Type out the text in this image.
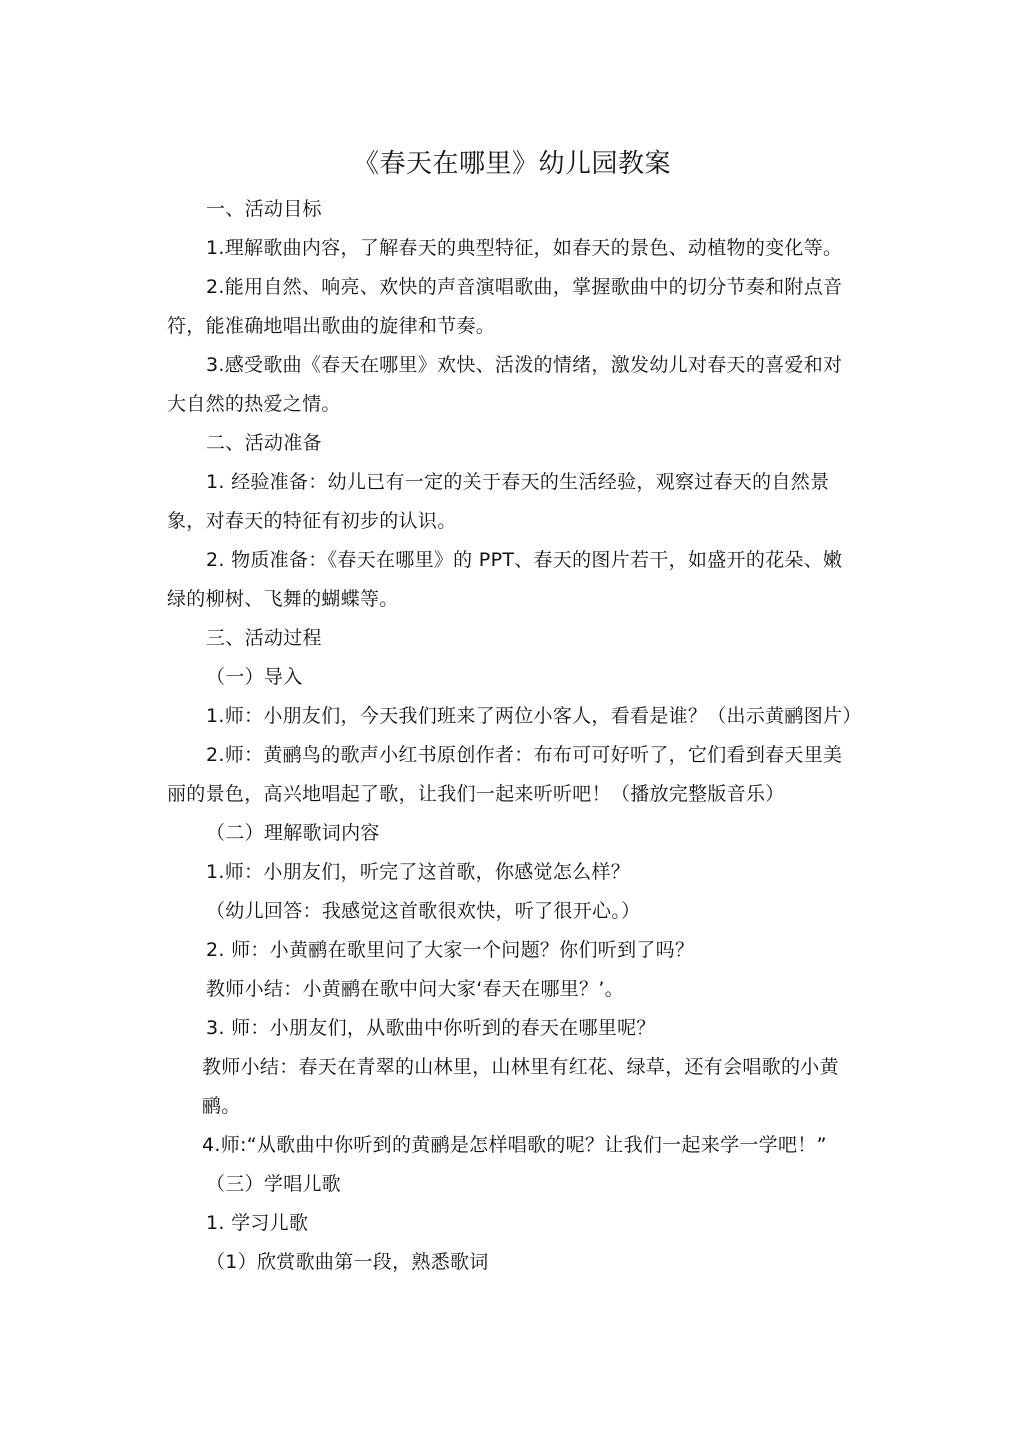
《春天在哪里》幼儿园教案
一、活动目标
1.理解歌曲内容，了解春天的典型特征，如春天的景色、动植物的变化等。
2.能用自然、响亮、欢快的声音演唱歌曲，掌握歌曲中的切分节奏和附点音
符，能准确地唱出歌曲的旋律和节奏。
3.感受歌曲《春天在哪里》欢快、活泼的情绪，激发幼儿对春天的喜爱和对
大自然的热爱之情。
二、活动准备
1. 经验准备：幼儿已有一定的关于春天的生活经验，观察过春天的自然景
象，对春天的特征有初步的认识。
2. 物质准备：《春天在哪里》的 PPT、春天的图片若干，如盛开的花朵、嫩
绿的柳树、飞舞的蝴蝶等。
三、活动过程
（一）导入
1.师：小朋友们，今天我们班来了两位小客人，看看是谁？（出示黄鹂图片）
2.师：黄鹂鸟的歌声小红书原创作者：布布可可好听了，它们看到春天里美
丽的景色，高兴地唱起了歌，让我们一起来听听吧！（播放完整版音乐）
（二）理解歌词内容
1.师：小朋友们，听完了这首歌，你感觉怎么样？
（幼儿回答：我感觉这首歌很欢快，听了很开心。）
2. 师：小黄鹂在歌里问了大家一个问题？你们听到了吗？
教师小结：小黄鹂在歌中问大家‘春天在哪里？’。
3. 师：小朋友们，从歌曲中你听到的春天在哪里呢？
教师小结：春天在青翠的山林里，山林里有红花、绿草，还有会唱歌的小黄
鹂。
4.师:“从歌曲中你听到的黄鹂是怎样唱歌的呢？让我们一起来学一学吧！”
（三）学唱儿歌
1. 学习儿歌
（1）欣赏歌曲第一段，熟悉歌词
